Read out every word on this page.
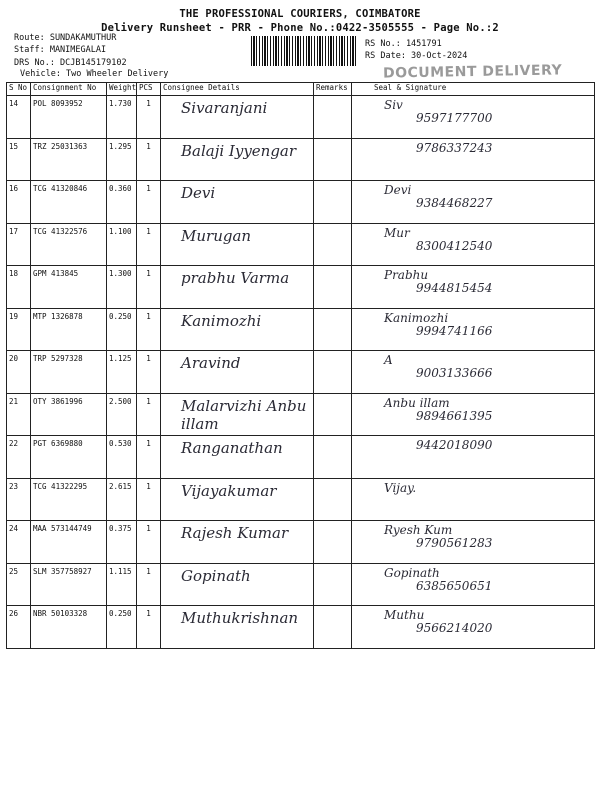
THE PROFESSIONAL COURIERS, COIMBATORE
Delivery Runsheet - PRR - Phone No.:0422-3505555 - Page No.:2
Route: SUNDAKAMUTHUR
Staff: MANIMEGALAI
DRS No.: DCJB145179102
Vehicle: Two Wheeler Delivery
RS No.: 1451791
RS Date: 30-Oct-2024
DOCUMENT DELIVERY
S No	Consignment No	Weight	PCS	Consignee Details	Remarks	Seal & Signature
14	POL 8093952	1.730	1	Sivaranjani		Siv
9597177700

15	TRZ 25031363	1.295	1	Balaji Iyyengar		9786337243

16	TCG 41320846	0.360	1	Devi		Devi
9384468227

17	TCG 41322576	1.100	1	Murugan		Mur
8300412540

18	GPM 413845	1.300	1	prabhu Varma		Prabhu
9944815454

19	MTP 1326878	0.250	1	Kanimozhi		Kanimozhi
9994741166

20	TRP 5297328	1.125	1	Aravind		A
9003133666

21	OTY 3861996	2.500	1	Malarvizhi Anbu illam		Anbu illam
9894661395

22	PGT 6369880	0.530	1	Ranganathan		9442018090

23	TCG 41322295	2.615	1	Vijayakumar		Vijay.

24	MAA 573144749	0.375	1	Rajesh Kumar		Ryesh Kum
9790561283

25	SLM 357758927	1.115	1	Gopinath		Gopinath
6385650651

26	NBR 50103328	0.250	1	Muthukrishnan		Muthu
9566214020
